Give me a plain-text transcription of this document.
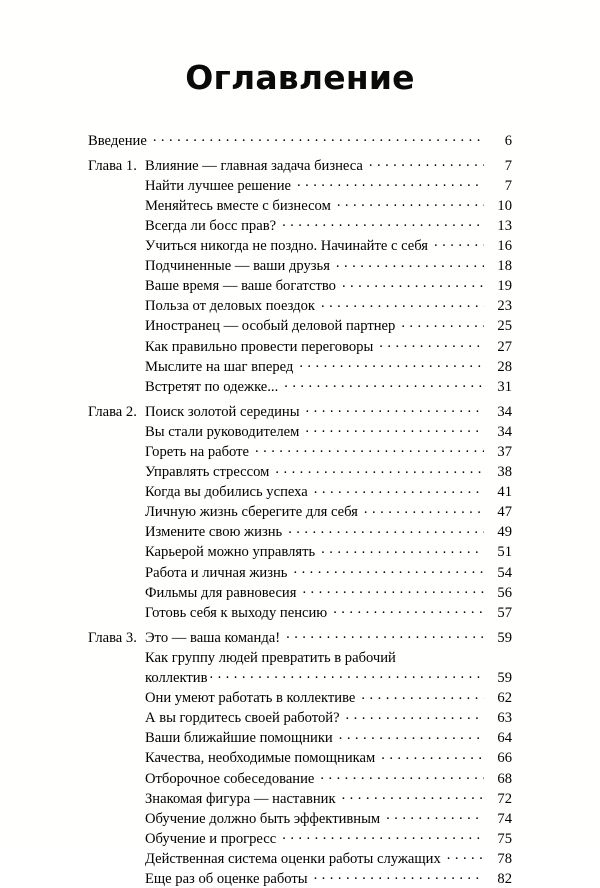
Оглавление
Введение . . .	6
Глава 1. Влияние — главная задача бизнеса . . .	7
Найти лучшее решение . . .	7
Меняйтесь вместе с бизнесом . . .	10
Всегда ли босс прав? . . .	13
Учиться никогда не поздно. Начинайте с себя . . .	16
Подчиненные — ваши друзья . . .	18
Ваше время — ваше богатство . . .	19
Польза от деловых поездок . . .	23
Иностранец — особый деловой партнер . . .	25
Как правильно провести переговоры . . .	27
Мыслите на шаг вперед . . .	28
Встретят по одежке... . . .	31
Глава 2. Поиск золотой середины . . .	34
Вы стали руководителем . . .	34
Гореть на работе . . .	37
Управлять стрессом . . .	38
Когда вы добились успеха . . .	41
Личную жизнь сберегите для себя . . .	47
Измените свою жизнь . . .	49
Карьерой можно управлять . . .	51
Работа и личная жизнь . . .	54
Фильмы для равновесия . . .	56
Готовь себя к выходу пенсию . . .	57
Глава 3. Это — ваша команда! . . .	59
Как группу людей превратить в рабочий
коллектив . . .	59
Они умеют работать в коллективе . . .	62
А вы гордитесь своей работой? . . .	63
Ваши ближайшие помощники . . .	64
Качества, необходимые помощникам . . .	66
Отборочное собеседование . . .	68
Знакомая фигура — наставник . . .	72
Обучение должно быть эффективным . . .	74
Обучение и прогресс . . .	75
Действенная система оценки работы служащих . . .	78
Еще раз об оценке работы . . .	82
